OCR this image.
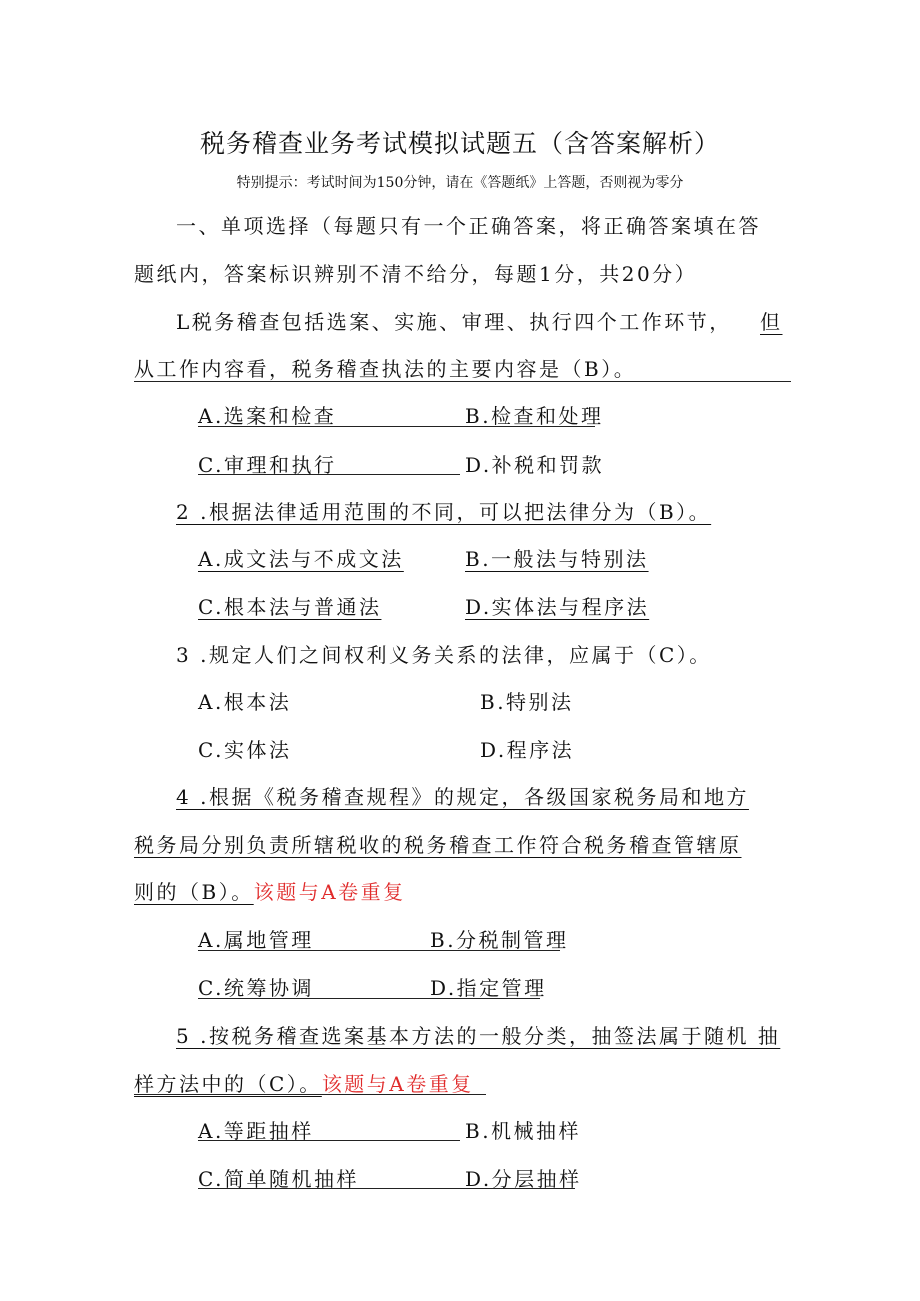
税务稽查业务考试模拟试题五（含答案解析）
特别提示：考试时间为150分钟，请在《答题纸》上答题，否则视为零分
一、单项选择（每题只有一个正确答案，将正确答案填在答
题纸内，答案标识辨别不清不给分，每题1分，共20分）
L税务稽查包括选案、实施、审理、执行四个工作环节， 但
从工作内容看，税务稽查执法的主要内容是（B）。
A.选案和检查	B.检查和处理
C.审理和执行	D.补税和罚款
2 .根据法律适用范围的不同，可以把法律分为（B）。
A.成文法与不成文法	B.一般法与特别法
C.根本法与普通法	D.实体法与程序法
3 .规定人们之间权利义务关系的法律，应属于（C）。
A.根本法	B.特别法
C.实体法	D.程序法
4 .根据《税务稽查规程》的规定，各级国家税务局和地方
税务局分别负责所辖税收的税务稽查工作符合税务稽查管辖原
则的（B）。该题与A卷重复
A.属地管理	B.分税制管理
C.统筹协调	D.指定管理
5 .按税务稽查选案基本方法的一般分类，抽签法属于随机 抽
样方法中的（C）。该题与A卷重复
A.等距抽样	B.机械抽样
C.简单随机抽样	D.分层抽样
